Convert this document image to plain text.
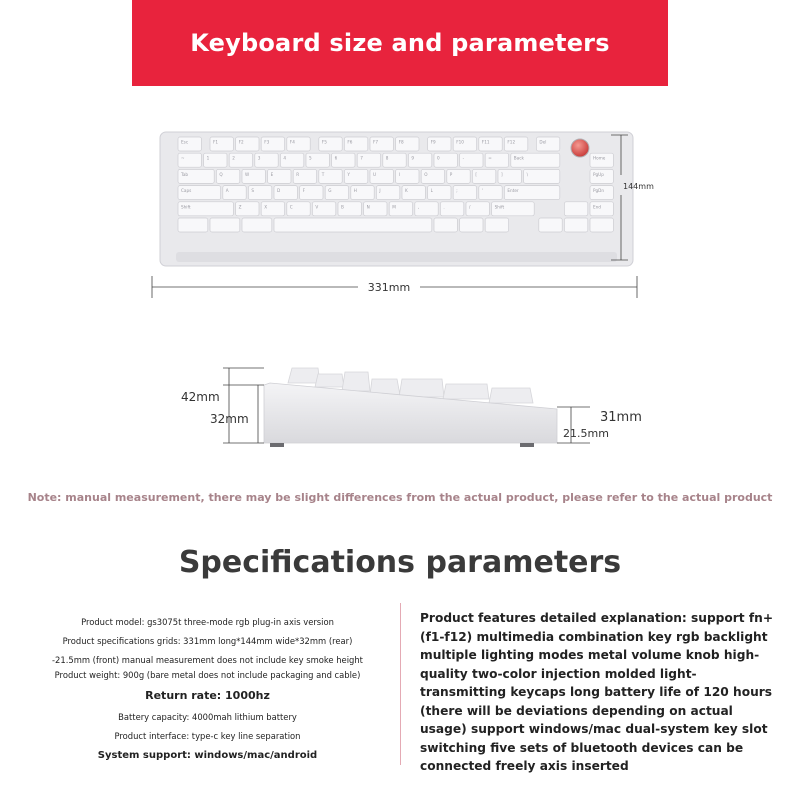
Keyboard size and parameters
Esc	F1	F2	F3	F4	F5	F6	F7	F8	F9	F10	F11	F12	Del
~	1	2	3	4	5	6	7	8	9	0	-	=	Back
Tab	Q	W	E	R	T	Y	U	I	O	P	[	]	\
Caps	A	S	D	F	G	H	J	K	L	;	'	Enter
Shift	Z	X	C	V	B	N	M	,	.	/	Shift
Home
PgUp
PgDn
End
331mm
144mm
42mm
32mm	31mm
21.5mm
Note: manual measurement, there may be slight differences from the actual product, please refer to the actual product
Specifications parameters
Product model: gs3075t three-mode rgb plug-in axis version
Product specifications grids: 331mm long*144mm wide*32mm (rear)
-21.5mm (front) manual measurement does not include key smoke height
Product weight: 900g (bare metal does not include packaging and cable)
Return rate: 1000hz
Battery capacity: 4000mah lithium battery
Product interface: type-c key line separation
System support: windows/mac/android
Product features detailed explanation: support fn+(f1-f12) multimedia combination key rgb backlight multiple lighting modes metal volume knob high-quality two-color injection molded light-transmitting keycaps long battery life of 120 hours (there will be deviations depending on actual usage) support windows/mac dual-system key slot switching five sets of bluetooth devices can be connected freely axis inserted
